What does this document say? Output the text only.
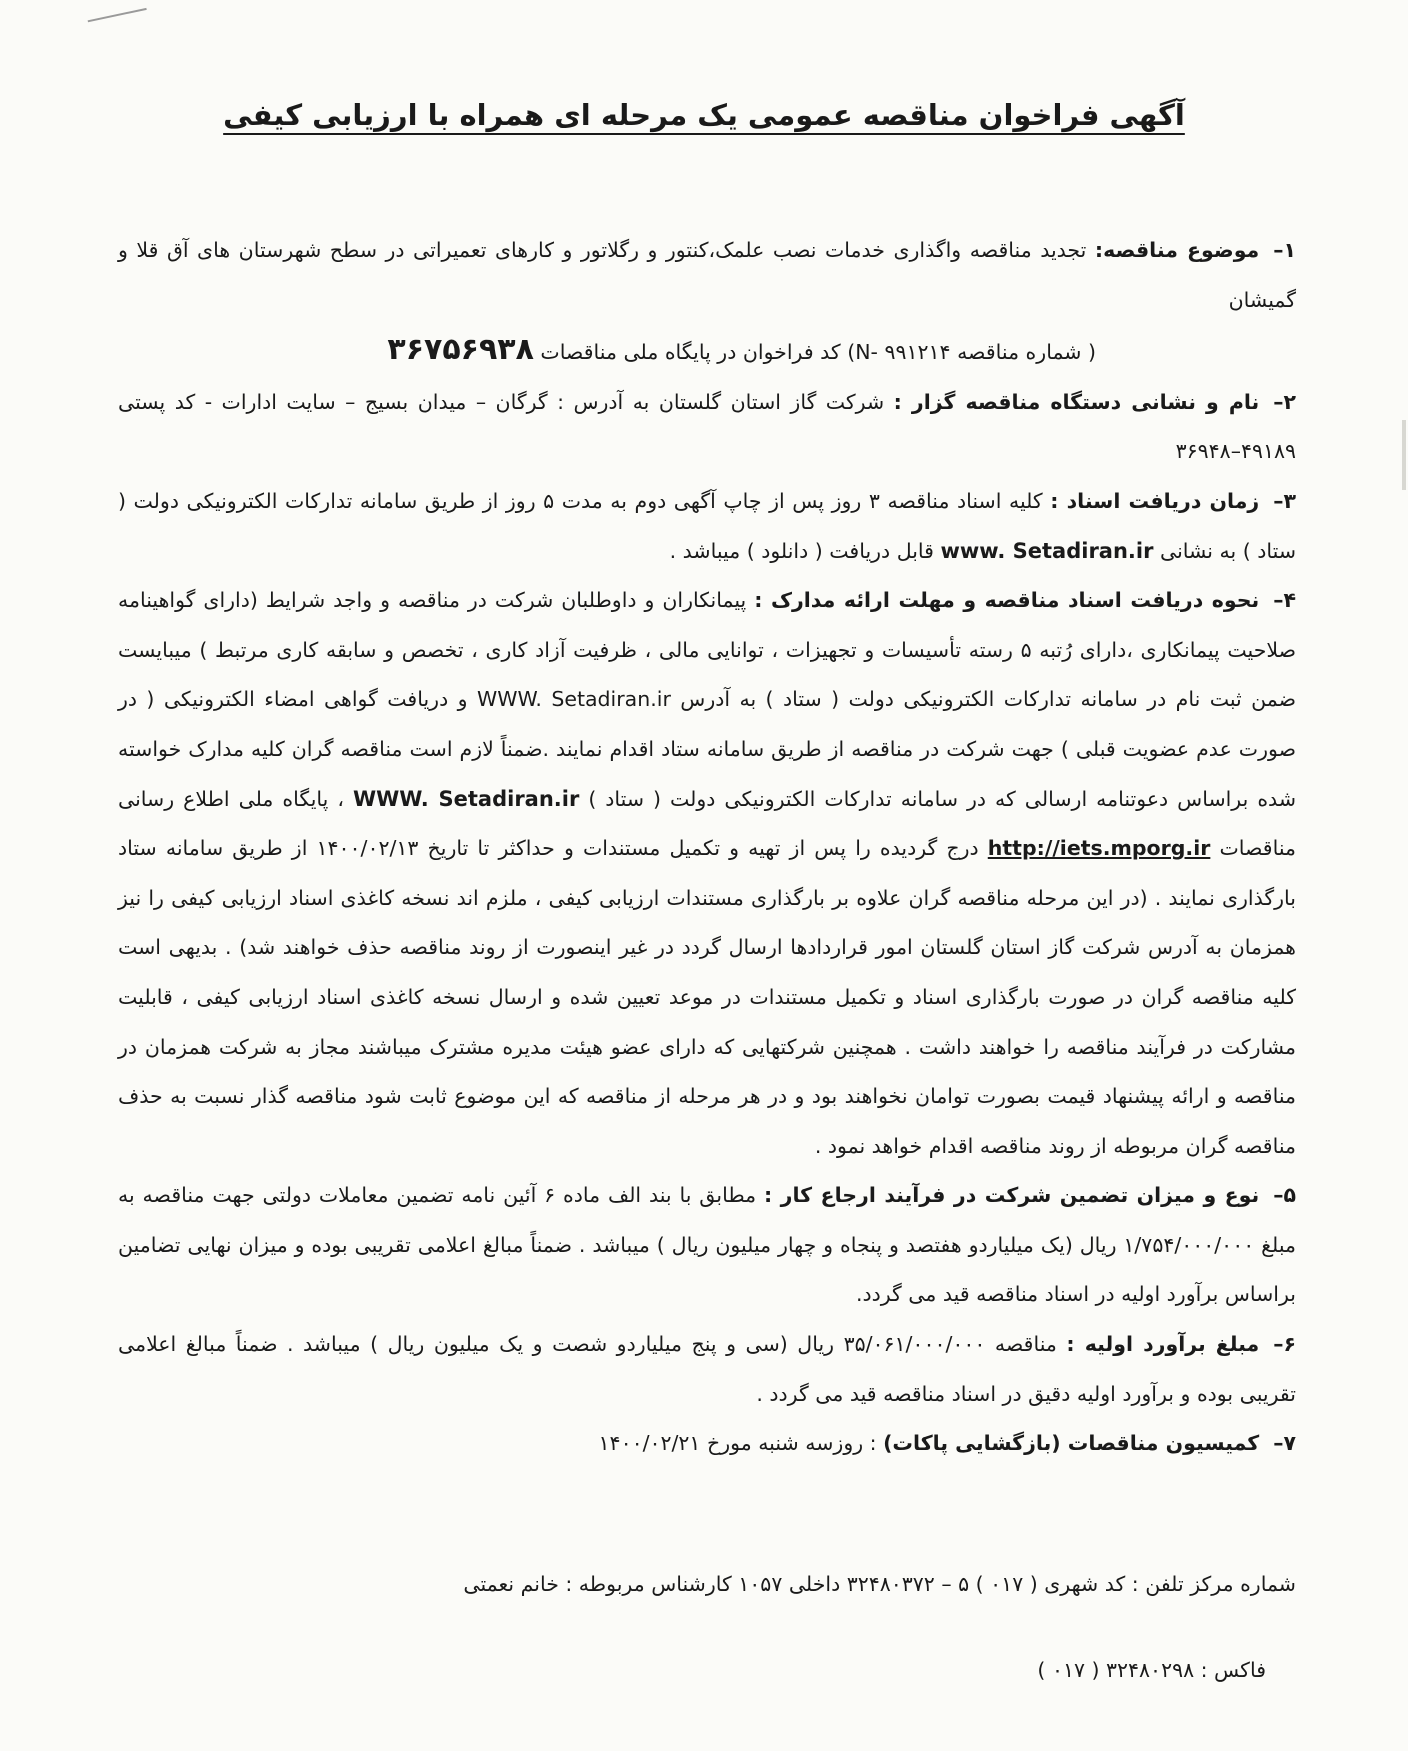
آگهی فراخوان مناقصه عمومی یک مرحله ای همراه با ارزیابی کیفی

۱–موضوع مناقصه: تجدید مناقصه واگذاری خدمات نصب علمک،کنتور و رگلاتور و کارهای تعمیراتی در سطح شهرستان های آق قلا و گمیشان

( شماره مناقصه N- ۹۹۱۲۱۴) کد فراخوان در پایگاه ملی مناقصات ۳۶۷۵۶۹۳۸

۲–نام و نشانی دستگاه مناقصه گزار : شرکت گاز استان گلستان به آدرس : گرگان – میدان بسیج – سایت ادارات - کد پستی ۴۹۱۸۹–۳۶۹۴۸

۳–زمان دریافت اسناد : کلیه اسناد مناقصه ۳ روز پس از چاپ آگهی دوم به مدت ۵ روز از طریق سامانه تدارکات الکترونیکی دولت ( ستاد ) به نشانی www. Setadiran.ir قابل دریافت ( دانلود ) میباشد .

۴–نحوه دریافت اسناد مناقصه و مهلت ارائه مدارک : پیمانکاران و داوطلبان شرکت در مناقصه و واجد شرایط (دارای گواهینامه صلاحیت پیمانکاری ،دارای رُتبه ۵ رسته تأسیسات و تجهیزات ، توانایی مالی ، ظرفیت آزاد کاری ، تخصص و سابقه کاری مرتبط ) میبایست ضمن ثبت نام در سامانه تدارکات الکترونیکی دولت ( ستاد ) به آدرس WWW. Setadiran.ir و دریافت گواهی امضاء الکترونیکی ( در صورت عدم عضویت قبلی ) جهت شرکت در مناقصه از طریق سامانه ستاد اقدام نمایند .ضمناً لازم است مناقصه گران کلیه مدارک خواسته شده براساس دعوتنامه ارسالی که در سامانه تدارکات الکترونیکی دولت ( ستاد ) WWW. Setadiran.ir ، پایگاه ملی اطلاع رسانی مناقصات http://iets.mporg.ir درج گردیده را پس از تهیه و تکمیل مستندات و حداکثر تا تاریخ ۱۴۰۰/۰۲/۱۳ از طریق سامانه ستاد بارگذاری نمایند . (در این مرحله مناقصه گران علاوه بر بارگذاری مستندات ارزیابی کیفی ، ملزم اند نسخه کاغذی اسناد ارزیابی کیفی را نیز همزمان به آدرس شرکت گاز استان گلستان امور قراردادها ارسال گردد در غیر اینصورت از روند مناقصه حذف خواهند شد) . بدیهی است کلیه مناقصه گران در صورت بارگذاری اسناد و تکمیل مستندات در موعد تعیین شده و ارسال نسخه کاغذی اسناد ارزیابی کیفی ، قابلیت مشارکت در فرآیند مناقصه را خواهند داشت . همچنین شرکتهایی که دارای عضو هیئت مدیره مشترک میباشند مجاز به شرکت همزمان در مناقصه و ارائه پیشنهاد قیمت بصورت توامان نخواهند بود و در هر مرحله از مناقصه که این موضوع ثابت شود مناقصه گذار نسبت به حذف مناقصه گران مربوطه از روند مناقصه اقدام خواهد نمود .

۵–نوع و میزان تضمین شرکت در فرآیند ارجاع کار : مطابق با بند الف ماده ۶ آئین نامه تضمین معاملات دولتی جهت مناقصه به مبلغ ۱/۷۵۴/۰۰۰/۰۰۰ ریال (یک میلیاردو هفتصد و پنجاه و چهار میلیون ریال ) میباشد . ضمناً مبالغ اعلامی تقریبی بوده و میزان نهایی تضامین براساس برآورد اولیه در اسناد مناقصه قید می گردد.

۶–مبلغ برآورد اولیه : مناقصه ۳۵/۰۶۱/۰۰۰/۰۰۰ ریال (سی و پنج میلیاردو شصت و یک میلیون ریال ) میباشد . ضمناً مبالغ اعلامی تقریبی بوده و برآورد اولیه دقیق در اسناد مناقصه قید می گردد .

۷–کمیسیون مناقصات (بازگشایی پاکات) : روزسه شنبه مورخ ۱۴۰۰/۰۲/۲۱

شماره مرکز تلفن : کد شهری ( ۰۱۷ ) ۵ – ۳۲۴۸۰۳۷۲ داخلی ۱۰۵۷ کارشناس مربوطه : خانم نعمتی
فاکس : ۳۲۴۸۰۲۹۸ ( ۰۱۷ )
